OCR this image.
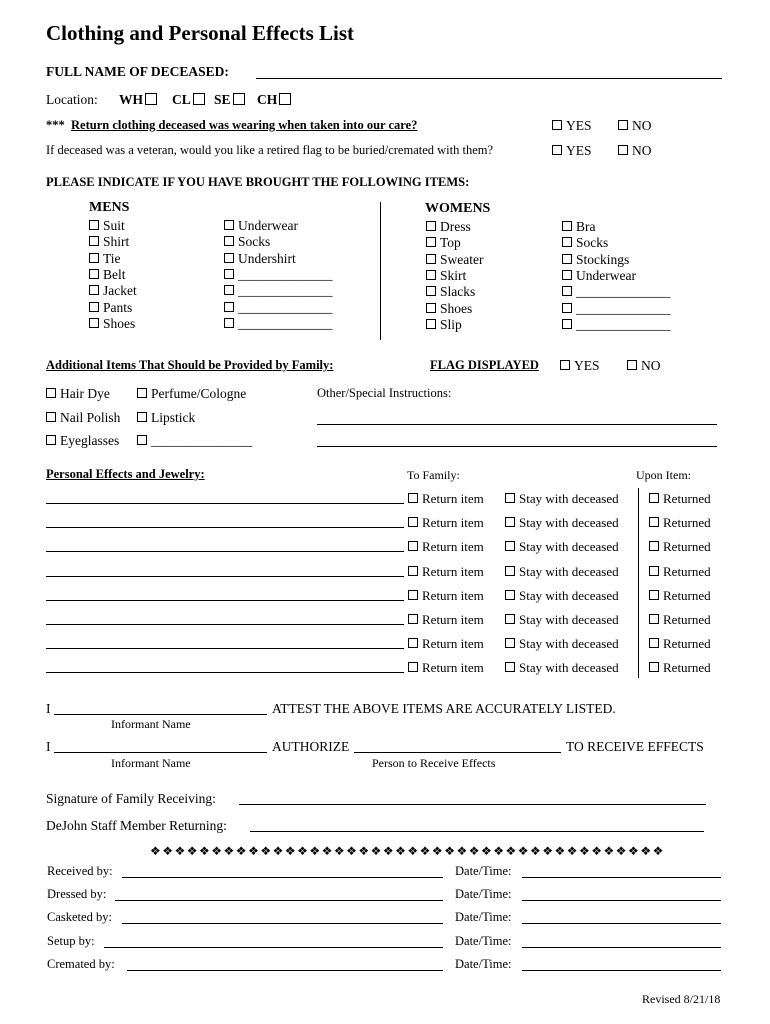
Clothing and Personal Effects List
FULL NAME OF DECEASED:
Location: WH	CL	SE	CH
*** Return clothing deceased was wearing when taken into our care?	YES	NO
If deceased was a veteran, would you like a retired flag to be buried/cremated with them?	YES	NO
PLEASE INDICATE IF YOU HAVE BROUGHT THE FOLLOWING ITEMS:
MENS
Suit
Shirt
Tie
Belt
Jacket
Pants
Shoes
Underwear
Socks
Undershirt
______________
______________
______________
______________
WOMENS
Dress
Top
Sweater
Skirt
Slacks
Shoes
Slip
Bra
Socks
Stockings
Underwear
______________
______________
______________
Additional Items That Should be Provided by Family:	FLAG DISPLAYED	YES	NO
Hair Dye	Perfume/Cologne
Nail Polish	Lipstick
Eyeglasses	_______________
Other/Special Instructions:
Personal Effects and Jewelry:	To Family:	Upon Item:
Return item	Stay with deceased	Returned
Return item	Stay with deceased	Returned
Return item	Stay with deceased	Returned
Return item	Stay with deceased	Returned
Return item	Stay with deceased	Returned
Return item	Stay with deceased	Returned
Return item	Stay with deceased	Returned
Return item	Stay with deceased	Returned
I	ATTEST THE ABOVE ITEMS ARE ACCURATELY LISTED.
Informant Name
I	AUTHORIZE	TO RECEIVE EFFECTS
Informant Name	Person to Receive Effects
Signature of Family Receiving:
DeJohn Staff Member Returning:
❖❖❖❖❖❖❖❖❖❖❖❖❖❖❖❖❖❖❖❖❖❖❖❖❖❖❖❖❖❖❖❖❖❖❖❖❖❖❖❖❖❖
Received by:	Date/Time:
Dressed by:	Date/Time:
Casketed by:	Date/Time:
Setup by:	Date/Time:
Cremated by:	Date/Time:
Revised 8/21/18
